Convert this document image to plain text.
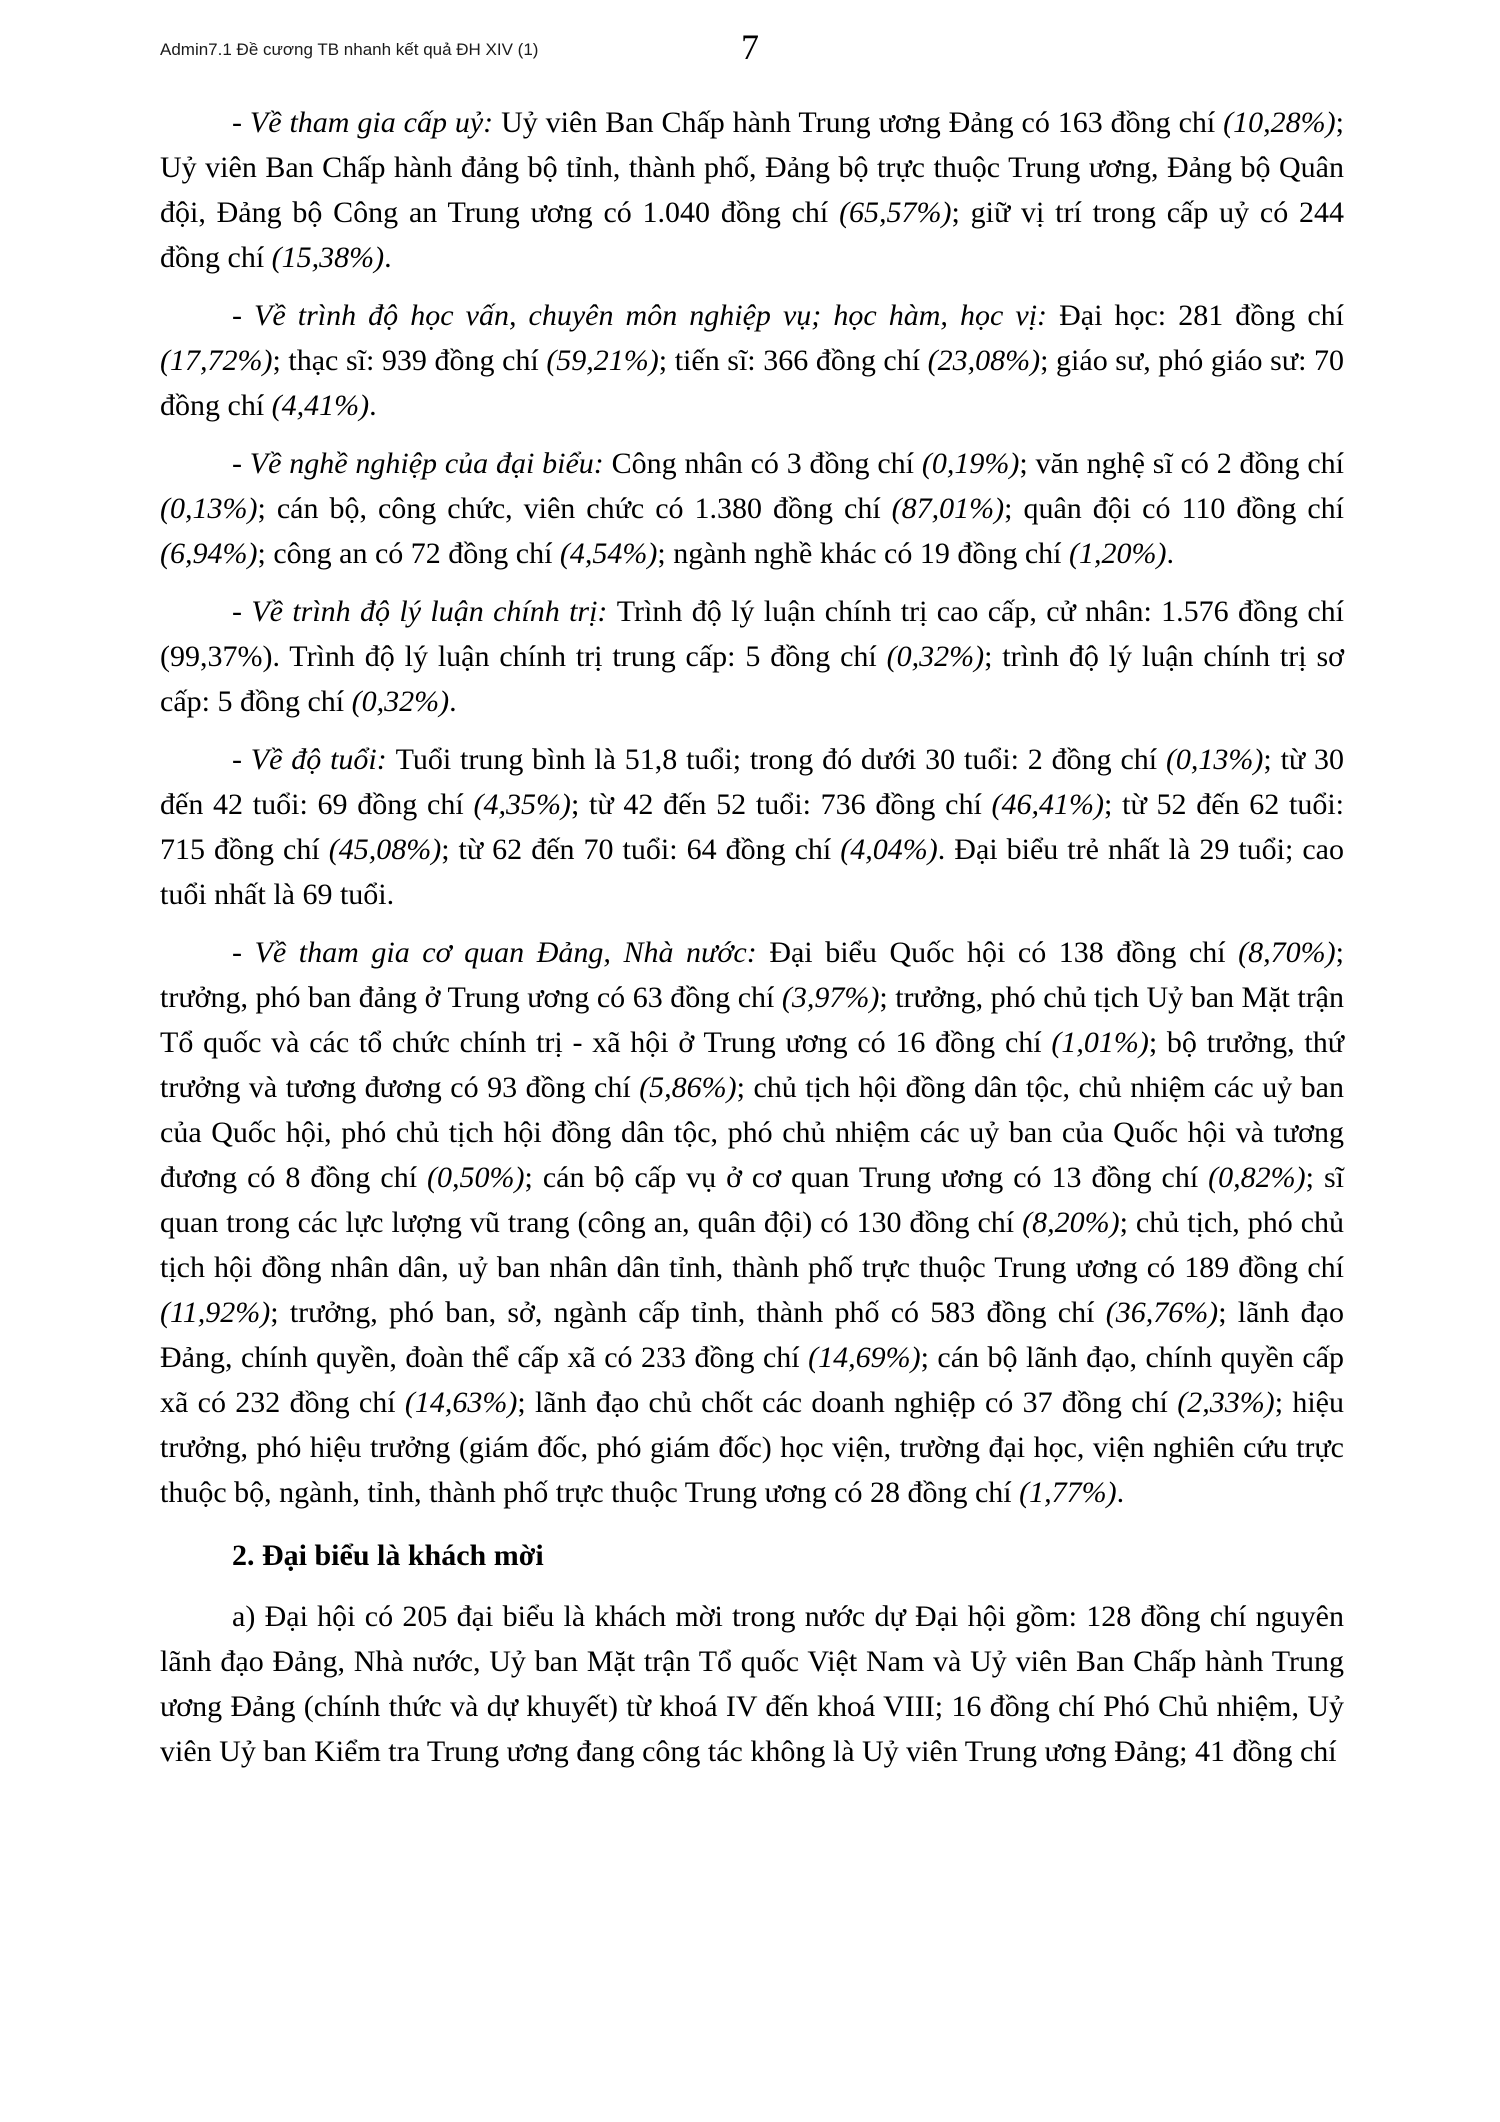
Admin7.1 Đề cương TB nhanh kết quả ĐH XIV (1)	7

- Về tham gia cấp uỷ: Uỷ viên Ban Chấp hành Trung ương Đảng có 163 đồng chí (10,28%); Uỷ viên Ban Chấp hành đảng bộ tỉnh, thành phố, Đảng bộ trực thuộc Trung ương, Đảng bộ Quân đội, Đảng bộ Công an Trung ương có 1.040 đồng chí (65,57%); giữ vị trí trong cấp uỷ có 244 đồng chí (15,38%).

- Về trình độ học vấn, chuyên môn nghiệp vụ; học hàm, học vị: Đại học: 281 đồng chí (17,72%); thạc sĩ: 939 đồng chí (59,21%); tiến sĩ: 366 đồng chí (23,08%); giáo sư, phó giáo sư: 70 đồng chí (4,41%).

- Về nghề nghiệp của đại biểu: Công nhân có 3 đồng chí (0,19%); văn nghệ sĩ có 2 đồng chí (0,13%); cán bộ, công chức, viên chức có 1.380 đồng chí (87,01%); quân đội có 110 đồng chí (6,94%); công an có 72 đồng chí (4,54%); ngành nghề khác có 19 đồng chí (1,20%).

- Về trình độ lý luận chính trị: Trình độ lý luận chính trị cao cấp, cử nhân: 1.576 đồng chí (99,37%). Trình độ lý luận chính trị trung cấp: 5 đồng chí (0,32%); trình độ lý luận chính trị sơ cấp: 5 đồng chí (0,32%).

- Về độ tuổi: Tuổi trung bình là 51,8 tuổi; trong đó dưới 30 tuổi: 2 đồng chí (0,13%); từ 30 đến 42 tuổi: 69 đồng chí (4,35%); từ 42 đến 52 tuổi: 736 đồng chí (46,41%); từ 52 đến 62 tuổi: 715 đồng chí (45,08%); từ 62 đến 70 tuổi: 64 đồng chí (4,04%). Đại biểu trẻ nhất là 29 tuổi; cao tuổi nhất là 69 tuổi.

- Về tham gia cơ quan Đảng, Nhà nước: Đại biểu Quốc hội có 138 đồng chí (8,70%); trưởng, phó ban đảng ở Trung ương có 63 đồng chí (3,97%); trưởng, phó chủ tịch Uỷ ban Mặt trận Tổ quốc và các tổ chức chính trị - xã hội ở Trung ương có 16 đồng chí (1,01%); bộ trưởng, thứ trưởng và tương đương có 93 đồng chí (5,86%); chủ tịch hội đồng dân tộc, chủ nhiệm các uỷ ban của Quốc hội, phó chủ tịch hội đồng dân tộc, phó chủ nhiệm các uỷ ban của Quốc hội và tương đương có 8 đồng chí (0,50%); cán bộ cấp vụ ở cơ quan Trung ương có 13 đồng chí (0,82%); sĩ quan trong các lực lượng vũ trang (công an, quân đội) có 130 đồng chí (8,20%); chủ tịch, phó chủ tịch hội đồng nhân dân, uỷ ban nhân dân tỉnh, thành phố trực thuộc Trung ương có 189 đồng chí (11,92%); trưởng, phó ban, sở, ngành cấp tỉnh, thành phố có 583 đồng chí (36,76%); lãnh đạo Đảng, chính quyền, đoàn thể cấp xã có 233 đồng chí (14,69%); cán bộ lãnh đạo, chính quyền cấp xã có 232 đồng chí (14,63%); lãnh đạo chủ chốt các doanh nghiệp có 37 đồng chí (2,33%); hiệu trưởng, phó hiệu trưởng (giám đốc, phó giám đốc) học viện, trường đại học, viện nghiên cứu trực thuộc bộ, ngành, tỉnh, thành phố trực thuộc Trung ương có 28 đồng chí (1,77%).

2. Đại biểu là khách mời

a) Đại hội có 205 đại biểu là khách mời trong nước dự Đại hội gồm: 128 đồng chí nguyên lãnh đạo Đảng, Nhà nước, Uỷ ban Mặt trận Tổ quốc Việt Nam và Uỷ viên Ban Chấp hành Trung ương Đảng (chính thức và dự khuyết) từ khoá IV đến khoá VIII; 16 đồng chí Phó Chủ nhiệm, Uỷ viên Uỷ ban Kiểm tra Trung ương đang công tác không là Uỷ viên Trung ương Đảng; 41 đồng chí
